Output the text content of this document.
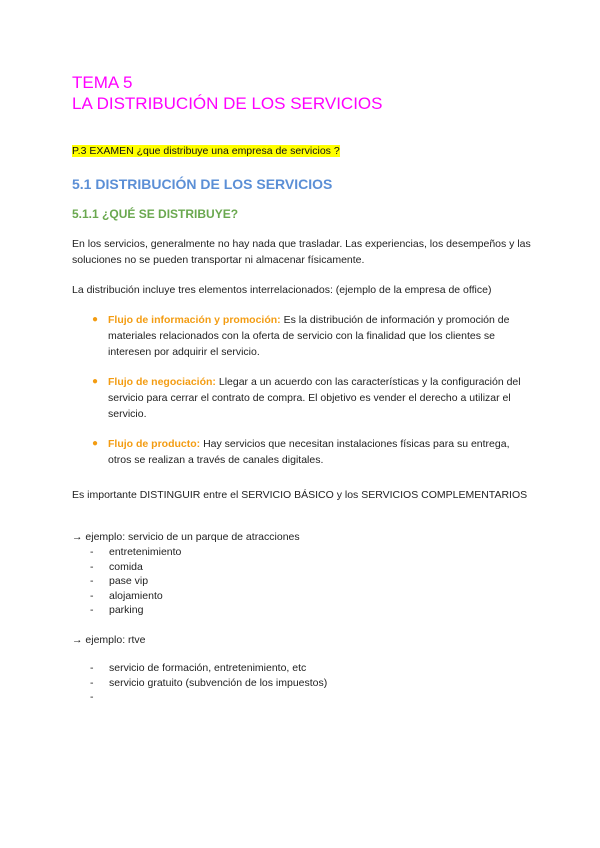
TEMA 5
LA DISTRIBUCIÓN DE LOS SERVICIOS

P.3 EXAMEN ¿que distribuye una empresa de servicios ?

5.1 DISTRIBUCIÓN DE LOS SERVICIOS
5.1.1 ¿QUÉ SE DISTRIBUYE?

En los servicios, generalmente no hay nada que trasladar. Las experiencias, los desempeños y las soluciones no se pueden transportar ni almacenar físicamente.

La distribución incluye tres elementos interrelacionados: (ejemplo de la empresa de office)

● Flujo de información y promoción: Es la distribución de información y promoción de materiales relacionados con la oferta de servicio con la finalidad que los clientes se interesen por adquirir el servicio.
● Flujo de negociación: Llegar a un acuerdo con las características y la configuración del servicio para cerrar el contrato de compra. El objetivo es vender el derecho a utilizar el servicio.
● Flujo de producto: Hay servicios que necesitan instalaciones físicas para su entrega, otros se realizan a través de canales digitales.

Es importante DISTINGUIR entre el SERVICIO BÁSICO y los SERVICIOS COMPLEMENTARIOS

→ ejemplo: servicio de un parque de atracciones

- entretenimiento
- comida
- pase vip
- alojamiento
- parking

→ ejemplo: rtve

- servicio de formación, entretenimiento, etc
- servicio gratuito (subvención de los impuestos)
-
